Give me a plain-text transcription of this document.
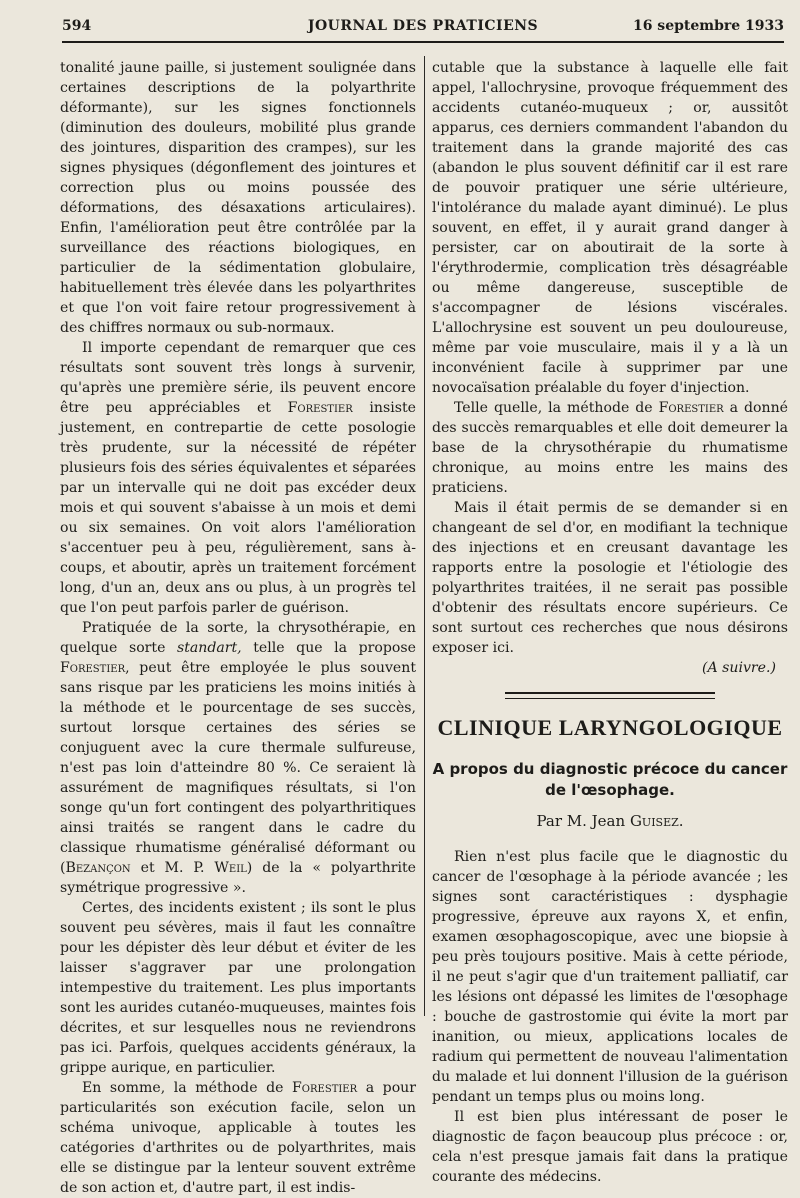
594	JOURNAL DES PRATICIENS	16 septembre 1933

tonalité jaune paille, si justement soulignée dans certaines descriptions de la polyarthrite déformante), sur les signes fonctionnels (diminution des douleurs, mobilité plus grande des jointures, disparition des crampes), sur les signes physiques (dégonflement des jointures et correction plus ou moins poussée des déformations, des désaxations articulaires). Enfin, l'amélioration peut être contrôlée par la surveillance des réactions biologiques, en particulier de la sédimentation globulaire, habituellement très élevée dans les polyarthrites et que l'on voit faire retour progressivement à des chiffres normaux ou sub-normaux.

Il importe cependant de remarquer que ces résultats sont souvent très longs à survenir, qu'après une première série, ils peuvent encore être peu appréciables et Forestier insiste justement, en contrepartie de cette posologie très prudente, sur la nécessité de répéter plusieurs fois des séries équivalentes et séparées par un intervalle qui ne doit pas excéder deux mois et qui souvent s'abaisse à un mois et demi ou six semaines. On voit alors l'amélioration s'accentuer peu à peu, régulièrement, sans à-coups, et aboutir, après un traitement forcément long, d'un an, deux ans ou plus, à un progrès tel que l'on peut parfois parler de guérison.

Pratiquée de la sorte, la chrysothérapie, en quelque sorte standart, telle que la propose Forestier, peut être employée le plus souvent sans risque par les praticiens les moins initiés à la méthode et le pourcentage de ses succès, surtout lorsque certaines des séries se conjuguent avec la cure thermale sulfureuse, n'est pas loin d'atteindre 80 %. Ce seraient là assurément de magnifiques résultats, si l'on songe qu'un fort contingent des polyarthritiques ainsi traités se rangent dans le cadre du classique rhumatisme généralisé déformant ou (Bezançon et M. P. Weil) de la « polyarthrite symétrique progressive ».

Certes, des incidents existent ; ils sont le plus souvent peu sévères, mais il faut les connaître pour les dépister dès leur début et éviter de les laisser s'aggraver par une prolongation intempestive du traitement. Les plus importants sont les aurides cutanéo-muqueuses, maintes fois décrites, et sur lesquelles nous ne reviendrons pas ici. Parfois, quelques accidents généraux, la grippe aurique, en particulier.

En somme, la méthode de Forestier a pour particularités son exécution facile, selon un schéma univoque, applicable à toutes les catégories d'arthrites ou de polyarthrites, mais elle se distingue par la lenteur souvent extrême de son action et, d'autre part, il est indis-

cutable que la substance à laquelle elle fait appel, l'allochrysine, provoque fréquemment des accidents cutanéo-muqueux ; or, aussitôt apparus, ces derniers commandent l'abandon du traitement dans la grande majorité des cas (abandon le plus souvent définitif car il est rare de pouvoir pratiquer une série ultérieure, l'intolérance du malade ayant diminué). Le plus souvent, en effet, il y aurait grand danger à persister, car on aboutirait de la sorte à l'érythrodermie, complication très désagréable ou même dangereuse, susceptible de s'accompagner de lésions viscérales. L'allochrysine est souvent un peu douloureuse, même par voie musculaire, mais il y a là un inconvénient facile à supprimer par une novocaïsation préalable du foyer d'injection.

Telle quelle, la méthode de Forestier a donné des succès remarquables et elle doit demeurer la base de la chrysothérapie du rhumatisme chronique, au moins entre les mains des praticiens.

Mais il était permis de se demander si en changeant de sel d'or, en modifiant la technique des injections et en creusant davantage les rapports entre la posologie et l'étiologie des polyarthrites traitées, il ne serait pas possible d'obtenir des résultats encore supérieurs. Ce sont surtout ces recherches que nous désirons exposer ici.

(A suivre.)

CLINIQUE LARYNGOLOGIQUE
A propos du diagnostic précoce du cancer de l'œsophage.
Par M. Jean Guisez.

Rien n'est plus facile que le diagnostic du cancer de l'œsophage à la période avancée ; les signes sont caractéristiques : dysphagie progressive, épreuve aux rayons X, et enfin, examen œsophagoscopique, avec une biopsie à peu près toujours positive. Mais à cette période, il ne peut s'agir que d'un traitement palliatif, car les lésions ont dépassé les limites de l'œsophage : bouche de gastrostomie qui évite la mort par inanition, ou mieux, applications locales de radium qui permettent de nouveau l'alimentation du malade et lui donnent l'illusion de la guérison pendant un temps plus ou moins long.

Il est bien plus intéressant de poser le diagnostic de façon beaucoup plus précoce : or, cela n'est presque jamais fait dans la pratique courante des médecins.
